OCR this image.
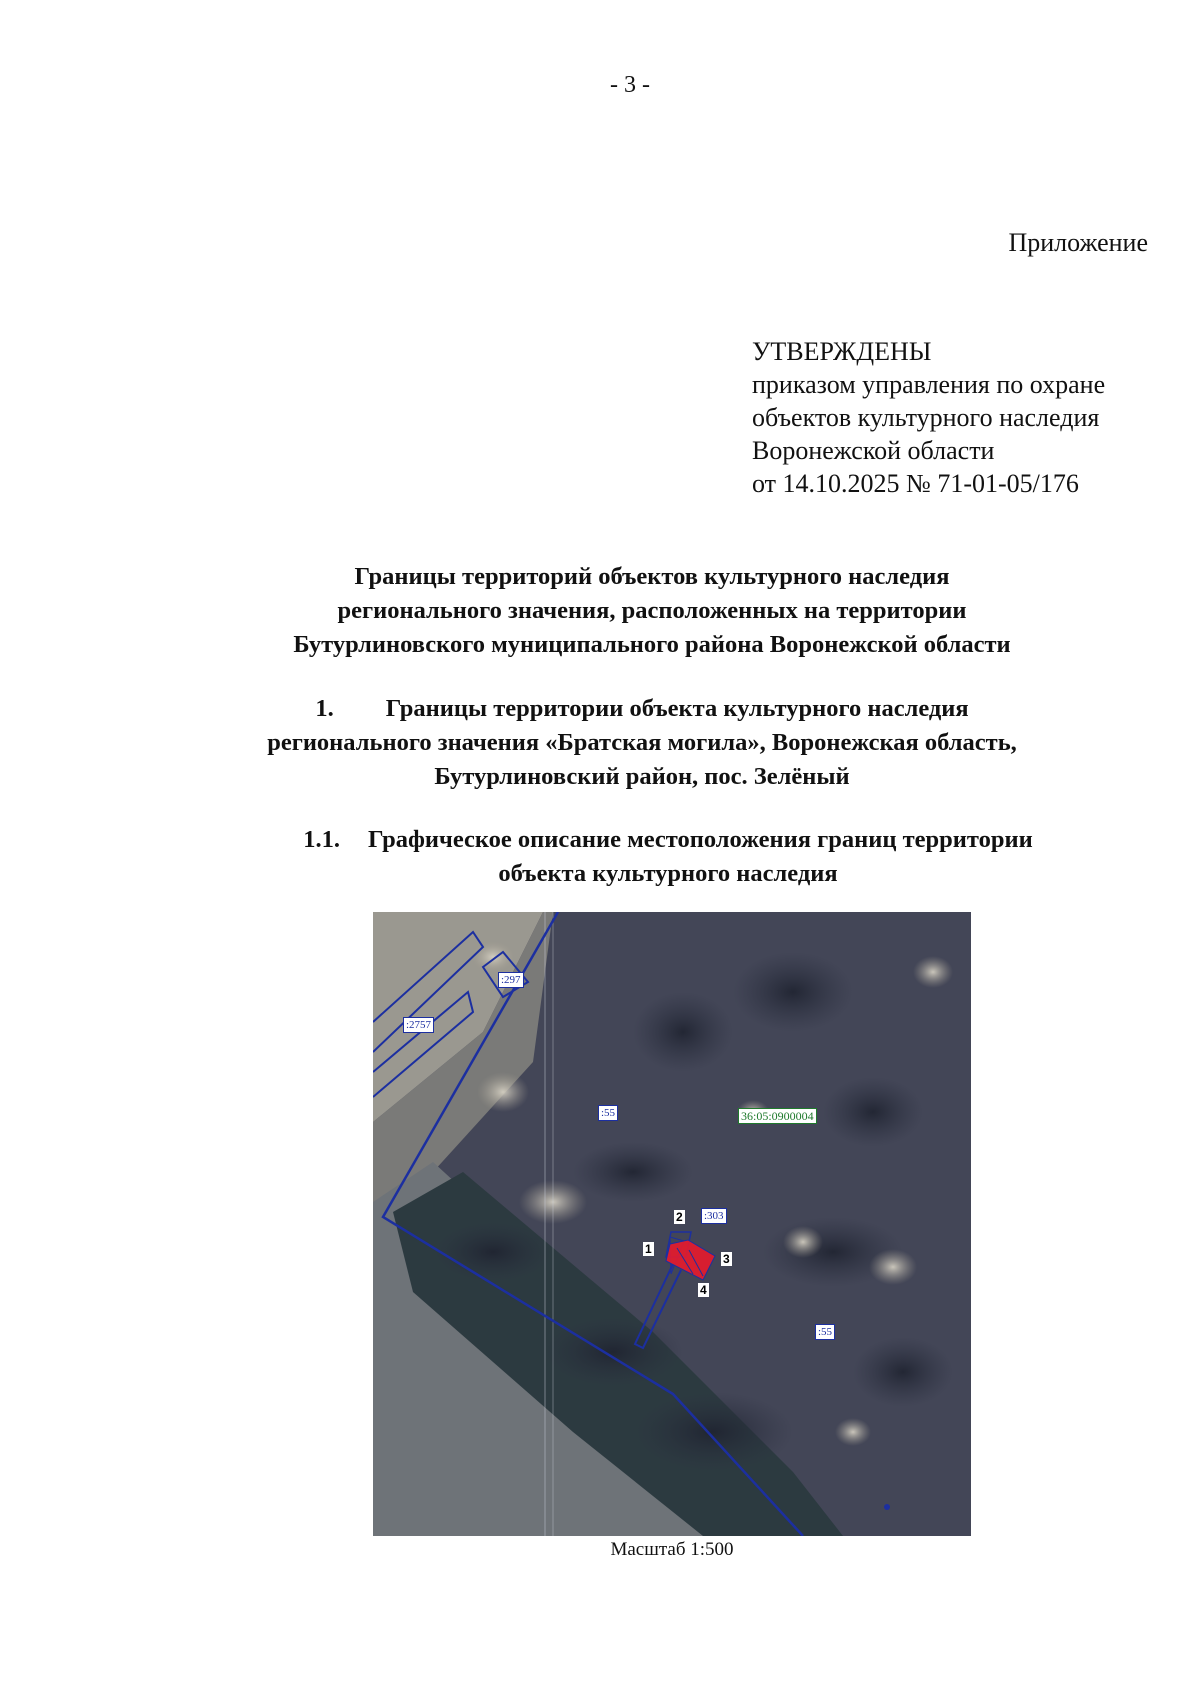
- 3 -
Приложение
УТВЕРЖДЕНЫ
приказом управления по охране
объектов культурного наследия
Воронежской области
от 14.10.2025 № 71-01-05/176
Границы территорий объектов культурного наследия
регионального значения, расположенных на территории
Бутурлиновского муниципального района Воронежской области
1. Границы территории объекта культурного наследия
регионального значения «Братская могила», Воронежская область,
Бутурлиновский район, пос. Зелёный
1.1. Графическое описание местоположения границ территории
объекта культурного наследия
:297
:2757
:55	36:05:0900004
:303
:55
1
2
3
4
Масштаб 1:500
